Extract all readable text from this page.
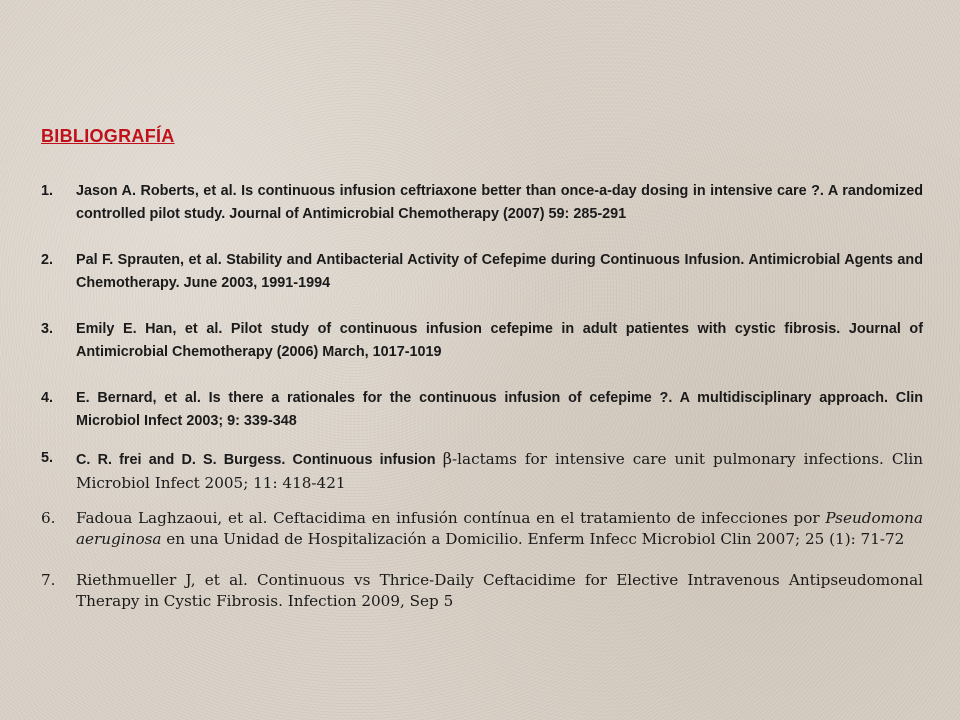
BIBLIOGRAFÍA
1. Jason A. Roberts, et al. Is continuous infusion ceftriaxone better than once-a-day dosing in intensive care ?. A randomized controlled pilot study. Journal of Antimicrobial Chemotherapy (2007) 59: 285-291
2. Pal F. Sprauten, et al. Stability and Antibacterial Activity of Cefepime during Continuous Infusion. Antimicrobial Agents and Chemotherapy. June 2003, 1991-1994
3. Emily E. Han, et al. Pilot study of continuous infusion cefepime in adult patientes with cystic fibrosis. Journal of Antimicrobial Chemotherapy (2006) March, 1017-1019
4. E. Bernard, et al. Is there a rationales for the continuous infusion of cefepime ?. A multidisciplinary approach. Clin Microbiol Infect 2003; 9: 339-348
5. C. R. frei and D. S. Burgess. Continuous infusion β-lactams for intensive care unit pulmonary infections. Clin Microbiol Infect 2005; 11: 418-421
6. Fadoua Laghzaoui, et al. Ceftacidima en infusión contínua en el tratamiento de infecciones por Pseudomona aeruginosa en una Unidad de Hospitalización a Domicilio. Enferm Infecc Microbiol Clin 2007; 25 (1): 71-72
7. Riethmueller J, et al. Continuous vs Thrice-Daily Ceftacidime for Elective Intravenous Antipseudomonal Therapy in Cystic Fibrosis. Infection 2009, Sep 5
